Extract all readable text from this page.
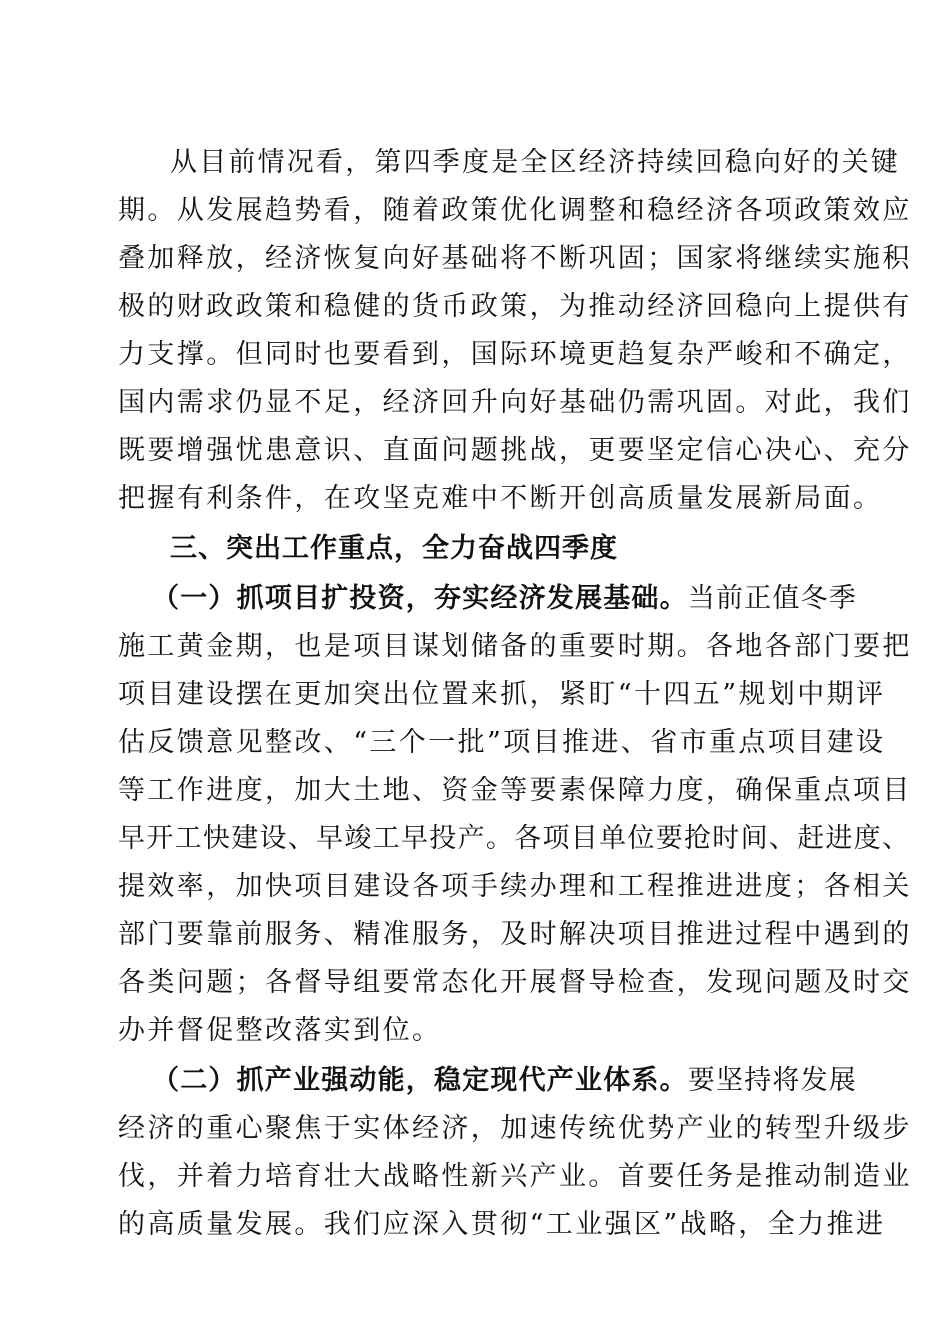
从目前情况看，第四季度是全区经济持续回稳向好的关键
期。从发展趋势看，随着政策优化调整和稳经济各项政策效应
叠加释放，经济恢复向好基础将不断巩固；国家将继续实施积
极的财政政策和稳健的货币政策，为推动经济回稳向上提供有
力支撑。但同时也要看到，国际环境更趋复杂严峻和不确定，
国内需求仍显不足，经济回升向好基础仍需巩固。对此，我们
既要增强忧患意识、直面问题挑战，更要坚定信心决心、充分
把握有利条件，在攻坚克难中不断开创高质量发展新局面。
三、突出工作重点，全力奋战四季度
（一）抓项目扩投资，夯实经济发展基础。当前正值冬季
施工黄金期，也是项目谋划储备的重要时期。各地各部门要把
项目建设摆在更加突出位置来抓，紧盯“十四五”规划中期评
估反馈意见整改、“三个一批”项目推进、省市重点项目建设
等工作进度，加大土地、资金等要素保障力度，确保重点项目
早开工快建设、早竣工早投产。各项目单位要抢时间、赶进度、
提效率，加快项目建设各项手续办理和工程推进进度；各相关
部门要靠前服务、精准服务，及时解决项目推进过程中遇到的
各类问题；各督导组要常态化开展督导检查，发现问题及时交
办并督促整改落实到位。
（二）抓产业强动能，稳定现代产业体系。要坚持将发展
经济的重心聚焦于实体经济，加速传统优势产业的转型升级步
伐，并着力培育壮大战略性新兴产业。首要任务是推动制造业
的高质量发展。我们应深入贯彻“工业强区”战略，全力推进
